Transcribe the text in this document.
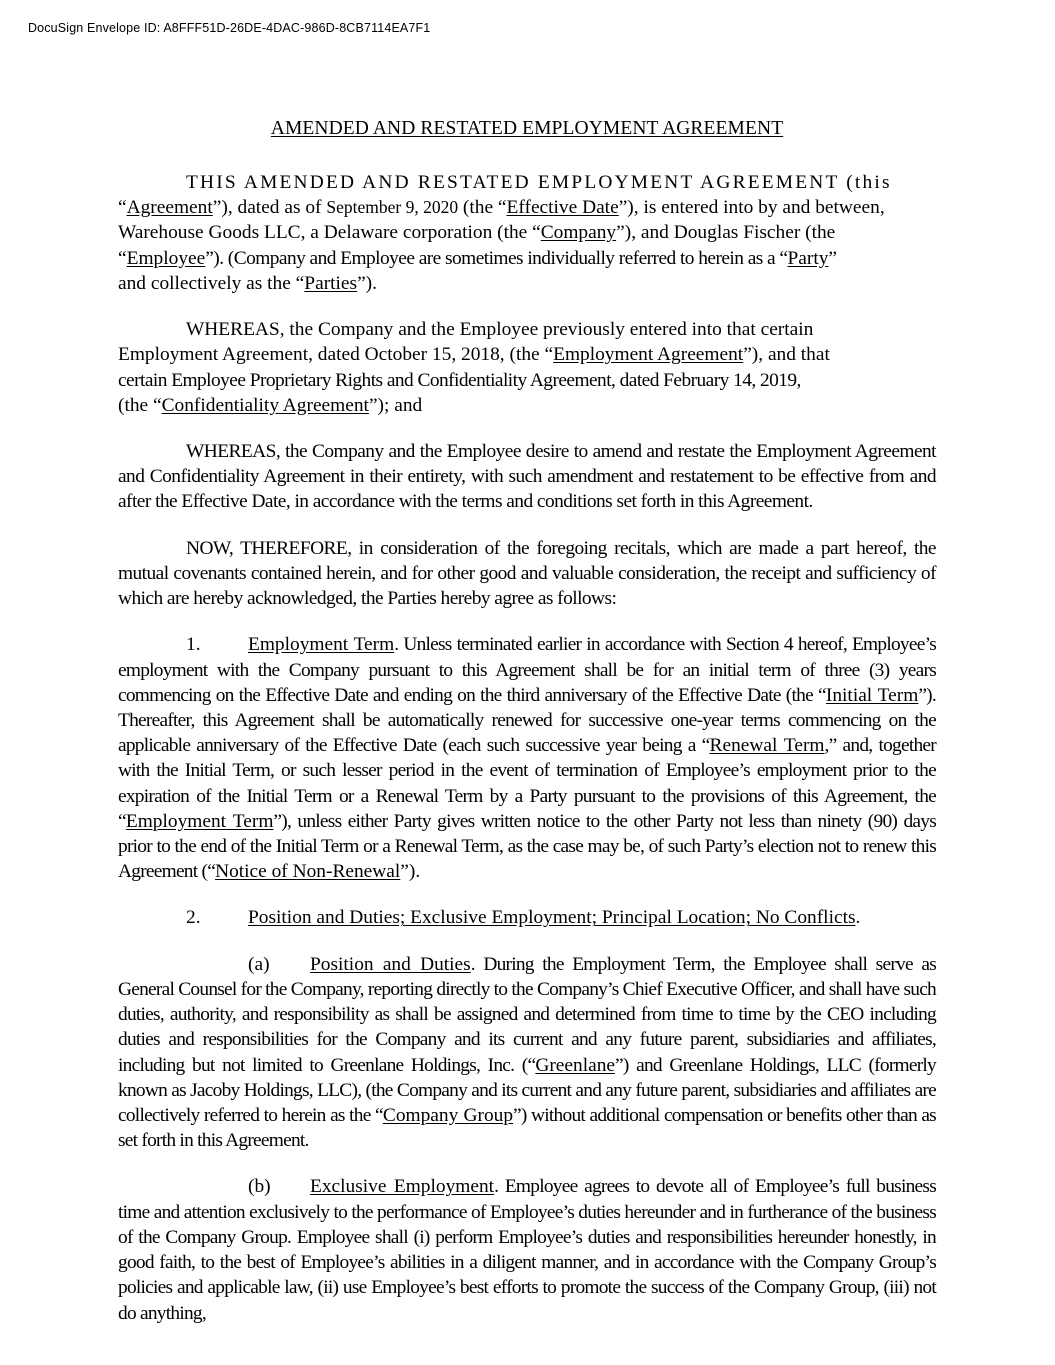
DocuSign Envelope ID: A8FFF51D-26DE-4DAC-986D-8CB7114EA7F1
AMENDED AND RESTATED EMPLOYMENT AGREEMENT

THIS AMENDED AND RESTATED EMPLOYMENT AGREEMENT (this
“Agreement”), dated as of September 9, 2020 (the “Effective Date”), is entered into by and between,
Warehouse Goods LLC, a Delaware corporation (the “Company”), and Douglas Fischer (the
“Employee”). (Company and Employee are sometimes individually referred to herein as a “Party”
and collectively as the “Parties”).

WHEREAS, the Company and the Employee previously entered into that certain
Employment Agreement, dated October 15, 2018, (the “Employment Agreement”), and that
certain Employee Proprietary Rights and Confidentiality Agreement, dated February 14, 2019,
(the “Confidentiality Agreement”); and

WHEREAS, the Company and the Employee desire to amend and restate the Employment Agreement and Confidentiality Agreement in their entirety, with such amendment and restatement to be effective from and after the Effective Date, in accordance with the terms and conditions set forth in this Agreement.

NOW, THEREFORE, in consideration of the foregoing recitals, which are made a part hereof, the mutual covenants contained herein, and for other good and valuable consideration, the receipt and sufficiency of which are hereby acknowledged, the Parties hereby agree as follows:

1. Employment Term. Unless terminated earlier in accordance with Section 4 hereof, Employee’s employment with the Company pursuant to this Agreement shall be for an initial term of three (3) years commencing on the Effective Date and ending on the third anniversary of the Effective Date (the “Initial Term”). Thereafter, this Agreement shall be automatically renewed for successive one-year terms commencing on the applicable anniversary of the Effective Date (each such successive year being a “Renewal Term,” and, together with the Initial Term, or such lesser period in the event of termination of Employee’s employment prior to the expiration of the Initial Term or a Renewal Term by a Party pursuant to the provisions of this Agreement, the “Employment Term”), unless either Party gives written notice to the other Party not less than ninety (90) days prior to the end of the Initial Term or a Renewal Term, as the case may be, of such Party’s election not to renew this Agreement (“Notice of Non-Renewal”).

2. Position and Duties; Exclusive Employment; Principal Location; No Conflicts.

(a) Position and Duties. During the Employment Term, the Employee shall serve as General Counsel for the Company, reporting directly to the Company’s Chief Executive Officer, and shall have such duties, authority, and responsibility as shall be assigned and determined from time to time by the CEO including duties and responsibilities for the Company and its current and any future parent, subsidiaries and affiliates, including but not limited to Greenlane Holdings, Inc. (“Greenlane”) and Greenlane Holdings, LLC (formerly known as Jacoby Holdings, LLC), (the Company and its current and any future parent, subsidiaries and affiliates are collectively referred to herein as the “Company Group”) without additional compensation or benefits other than as set forth in this Agreement.

(b) Exclusive Employment. Employee agrees to devote all of Employee’s full business time and attention exclusively to the performance of Employee’s duties hereunder and in furtherance of the business of the Company Group. Employee shall (i) perform Employee’s duties and responsibilities hereunder honestly, in good faith, to the best of Employee’s abilities in a diligent manner, and in accordance with the Company Group’s policies and applicable law, (ii) use Employee’s best efforts to promote the success of the Company Group, (iii) not do anything,
